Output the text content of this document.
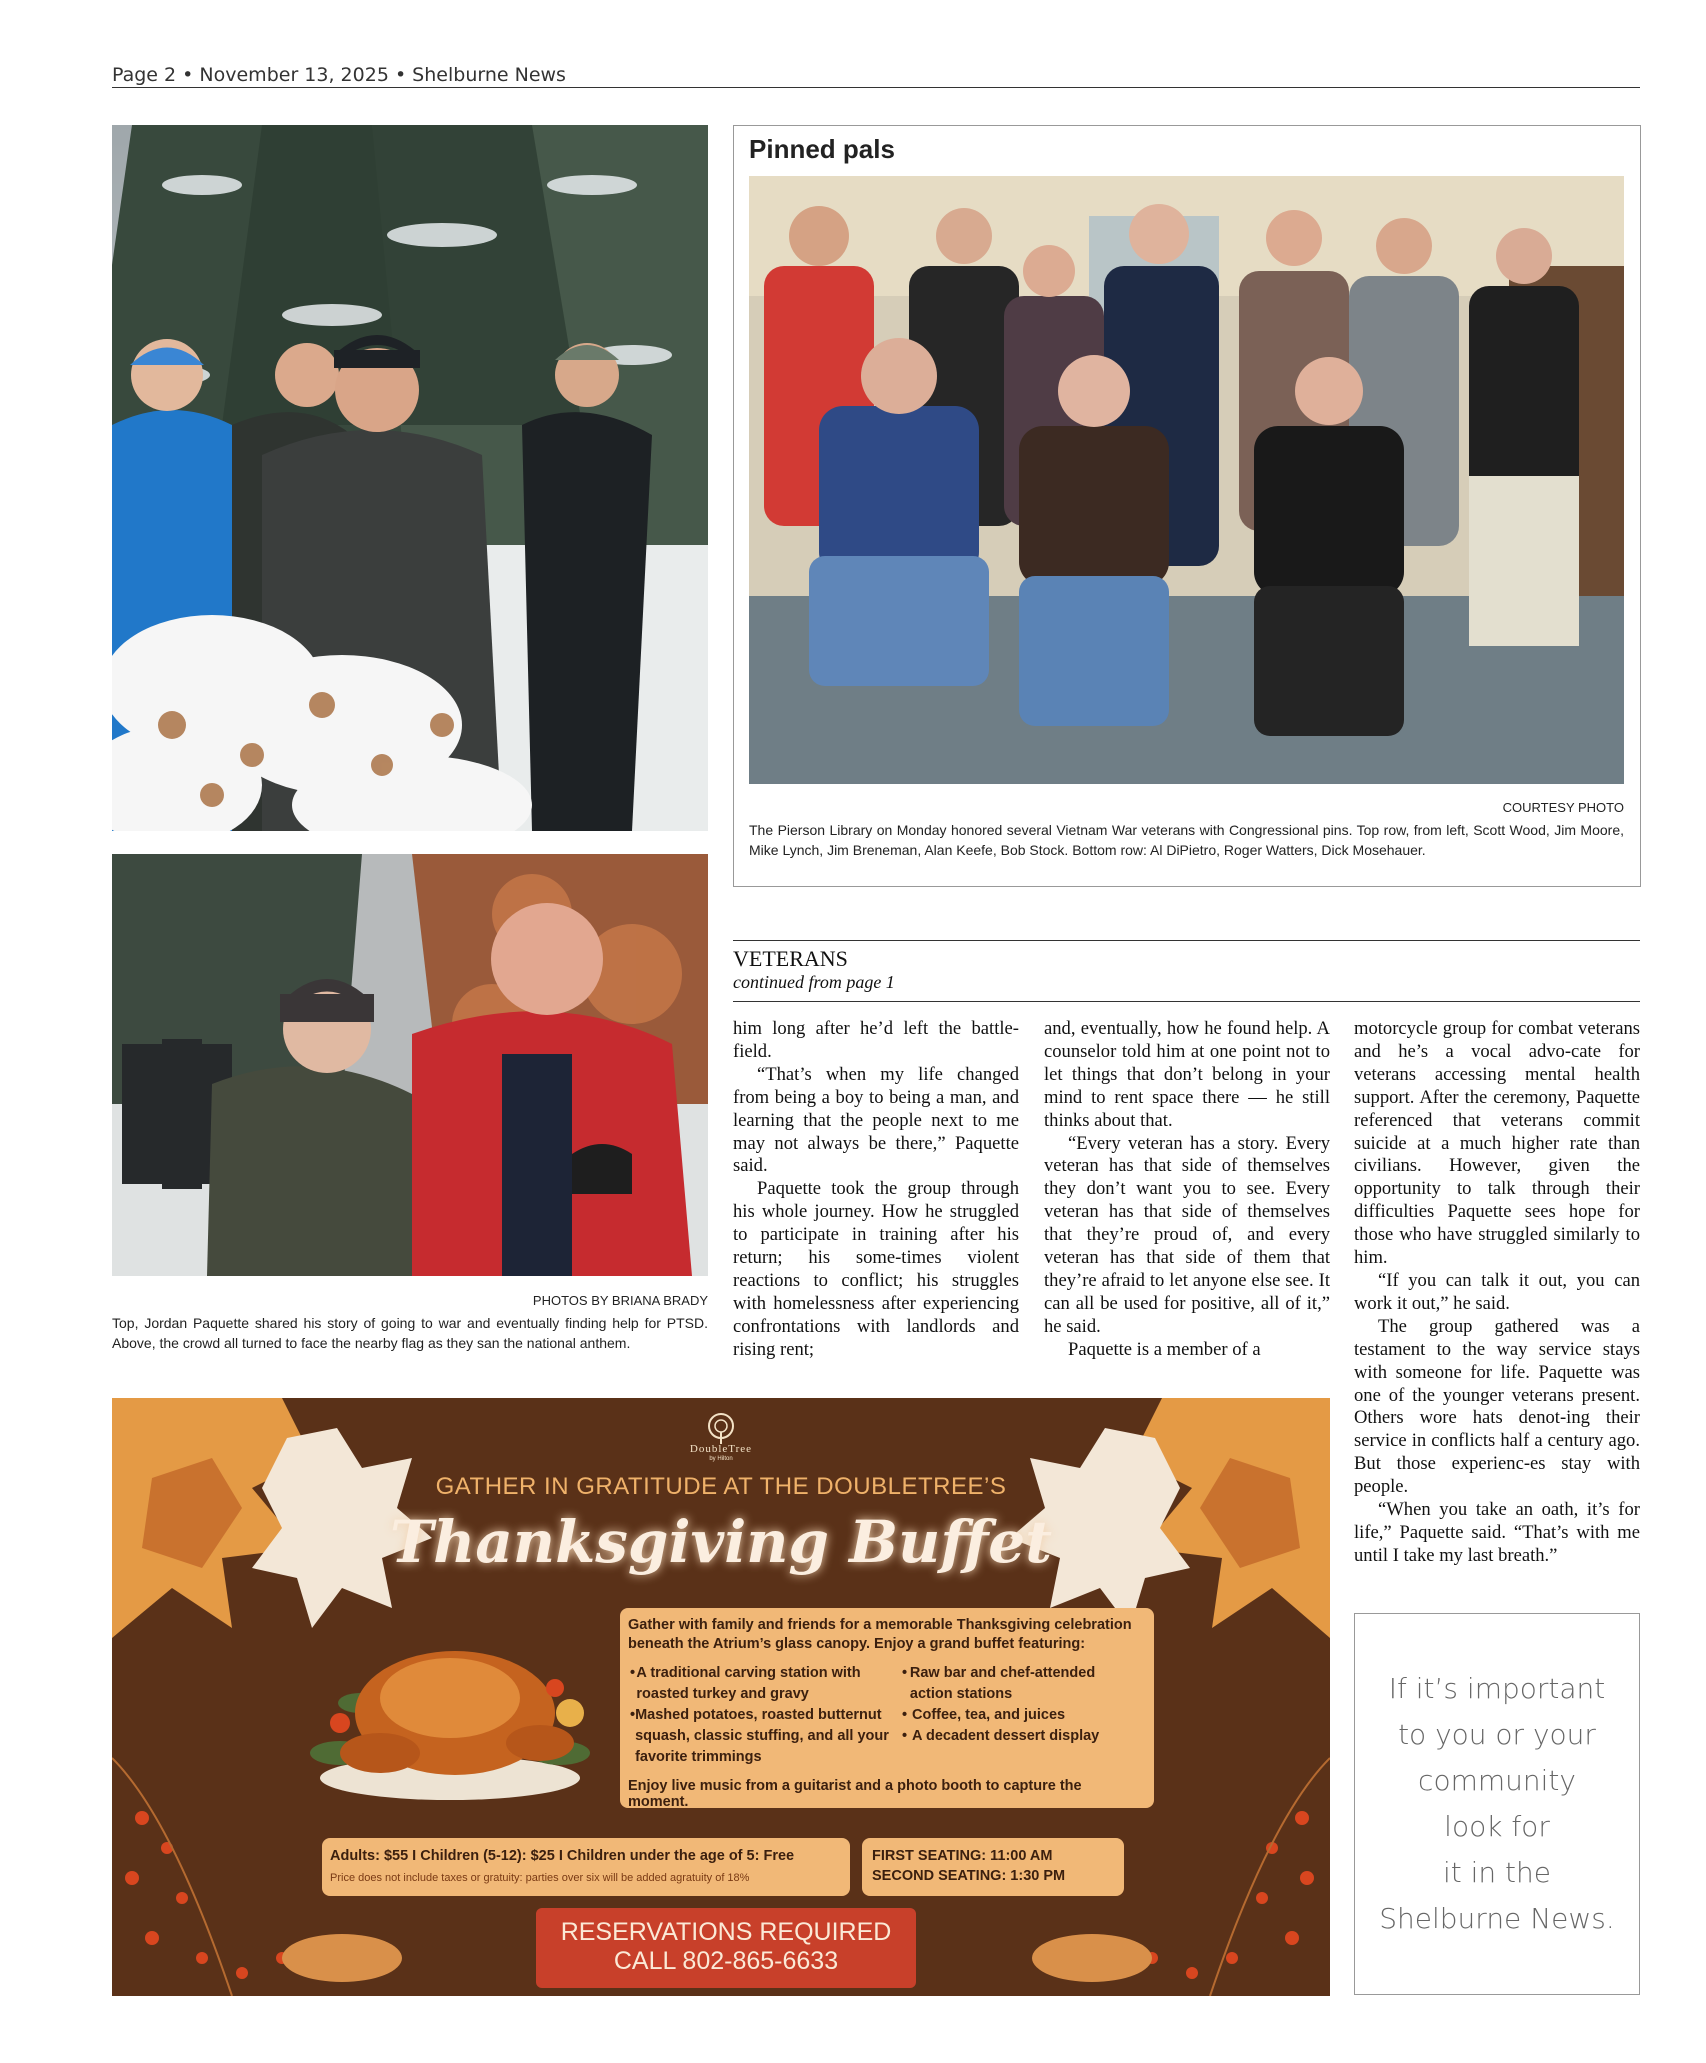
Page 2 • November 13, 2025 • Shelburne News
PHOTOS BY BRIANA BRADY
Top, Jordan Paquette shared his story of going to war and eventually finding help for PTSD. Above, the crowd all turned to face the nearby flag as they san the national anthem.
Pinned pals
COURTESY PHOTO
The Pierson Library on Monday honored several Vietnam War veterans with Congressional pins. Top row, from left, Scott Wood, Jim Moore, Mike Lynch, Jim Breneman, Alan Keefe, Bob Stock. Bottom row: Al DiPietro, Roger Watters, Dick Mosehauer.
VETERANS
continued from page 1

him long after he’d left the battle-field.

“That’s when my life changed from being a boy to being a man, and learning that the people next to me may not always be there,” Paquette said.

Paquette took the group through his whole journey. How he struggled to participate in training after his return; his some-times violent reactions to conflict; his struggles with homelessness after experiencing confrontations with landlords and rising rent;

and, eventually, how he found help. A counselor told him at one point not to let things that don’t belong in your mind to rent space there — he still thinks about that.

“Every veteran has a story. Every veteran has that side of themselves they don’t want you to see. Every veteran has that side of themselves that they’re proud of, and every veteran has that side of them that they’re afraid to let anyone else see. It can all be used for positive, all of it,” he said.

Paquette is a member of a

motorcycle group for combat veterans and he’s a vocal advo-cate for veterans accessing mental health support. After the ceremony, Paquette referenced that veterans commit suicide at a much higher rate than civilians. However, given the opportunity to talk through their difficulties Paquette sees hope for those who have struggled similarly to him.

“If you can talk it out, you can work it out,” he said.

The group gathered was a testament to the way service stays with someone for life. Paquette was one of the younger veterans present. Others wore hats denot-ing their service in conflicts half a century ago. But those experienc-es stay with people.

“When you take an oath, it’s for life,” Paquette said. “That’s with me until I take my last breath.”

DoubleTree
by Hilton
GATHER IN GRATITUDE AT THE DOUBLETREE’S
Thanksgiving Buffet
Gather with family and friends for a memorable Thanksgiving celebration beneath the Atrium’s glass canopy. Enjoy a grand buffet featuring:
• A traditional carving station with roasted turkey and gravy
• Mashed potatoes, roasted butternut squash, classic stuffing, and all your favorite trimmings
• Raw bar and chef-attended action stations
• Coffee, tea, and juices
• A decadent dessert display
Enjoy live music from a guitarist and a photo booth to capture the moment.
Adults: $55 I Children (5-12): $25 I Children under the age of 5: Free
Price does not include taxes or gratuity: parties over six will be added agratuity of 18%
FIRST SEATING: 11:00 AM
SECOND SEATING: 1:30 PM
RESERVATIONS REQUIRED
CALL 802-865-6633
If it’s important
to you or your
community
look for
it in the
Shelburne News.
